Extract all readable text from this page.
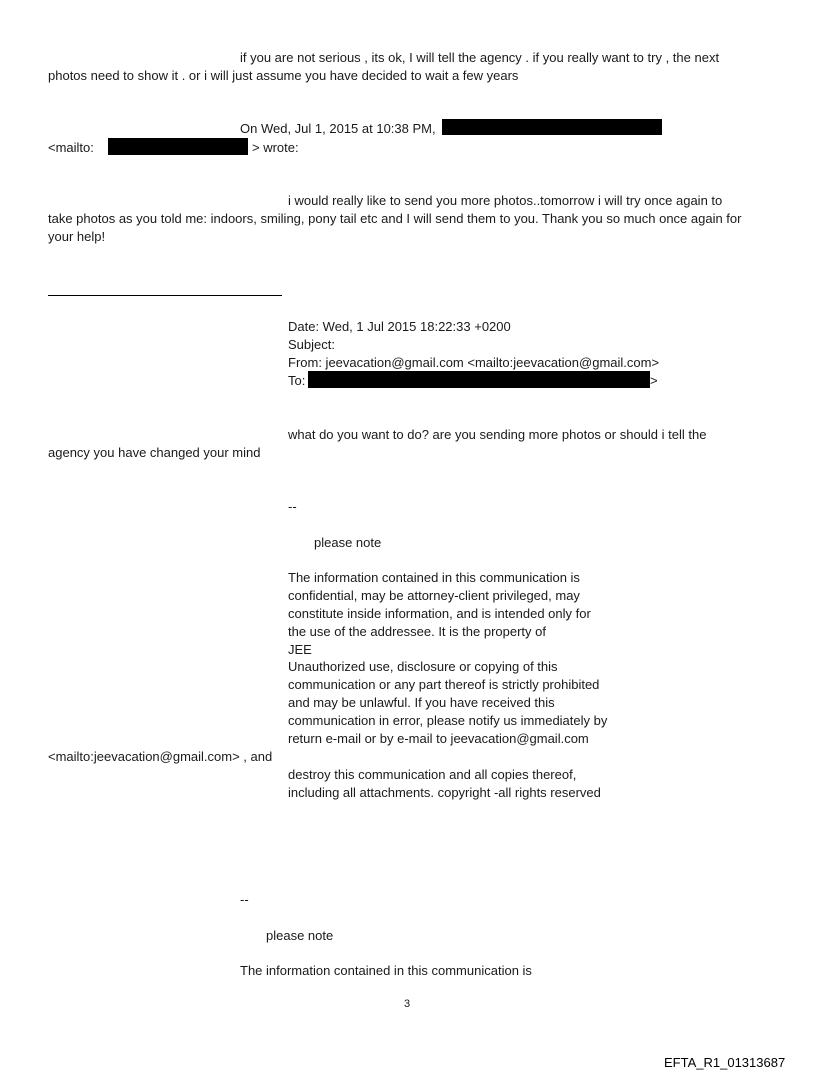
if you are not serious , its ok, I will tell the agency . if you really want to try , the next
photos need to show it . or i will just assume you have decided to wait a few years
On Wed, Jul 1, 2015 at 10:38 PM,
<mailto:	> wrote:
i would really like to send you more photos..tomorrow i will try once again to
take photos as you told me: indoors, smiling, pony tail etc and I will send them to you. Thank you so much once again for
your help!
Date: Wed, 1 Jul 2015 18:22:33 +0200
Subject:
From: jeevacation@gmail.com <mailto:jeevacation@gmail.com>
To:	>
what do you want to do? are you sending more photos or should i tell the
agency you have changed your mind
--
please note
The information contained in this communication is
confidential, may be attorney-client privileged, may
constitute inside information, and is intended only for
the use of the addressee. It is the property of
JEE
Unauthorized use, disclosure or copying of this
communication or any part thereof is strictly prohibited
and may be unlawful. If you have received this
communication in error, please notify us immediately by
return e-mail or by e-mail to jeevacation@gmail.com
<mailto:jeevacation@gmail.com> , and
destroy this communication and all copies thereof,
including all attachments. copyright -all rights reserved
--
please note
The information contained in this communication is
3
EFTA_R1_01313687
